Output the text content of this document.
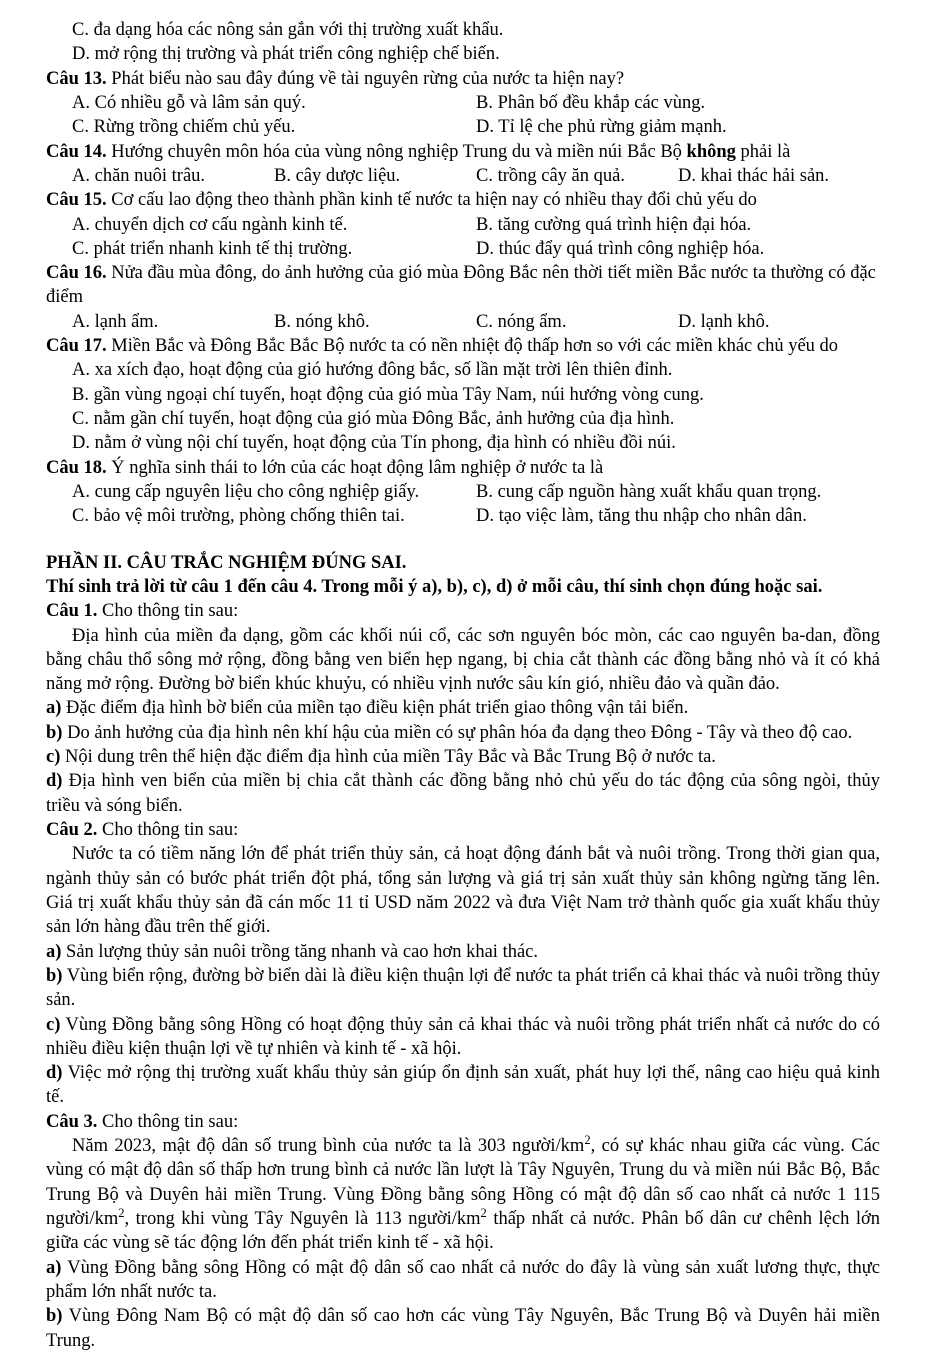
C. đa dạng hóa các nông sản gắn với thị trường xuất khẩu.
D. mở rộng thị trường và phát triển công nghiệp chế biến.
Câu 13. Phát biểu nào sau đây đúng về tài nguyên rừng của nước ta hiện nay?
A. Có nhiều gỗ và lâm sản quý.	B. Phân bố đều khắp các vùng.
C. Rừng trồng chiếm chủ yếu.	D. Tỉ lệ che phủ rừng giảm mạnh.
Câu 14. Hướng chuyên môn hóa của vùng nông nghiệp Trung du và miền núi Bắc Bộ không phải là
A. chăn nuôi trâu.	B. cây dược liệu.	C. trồng cây ăn quả.	D. khai thác hải sản.
Câu 15. Cơ cấu lao động theo thành phần kinh tế nước ta hiện nay có nhiều thay đổi chủ yếu do
A. chuyển dịch cơ cấu ngành kinh tế.	B. tăng cường quá trình hiện đại hóa.
C. phát triển nhanh kinh tế thị trường.	D. thúc đẩy quá trình công nghiệp hóa.
Câu 16. Nửa đầu mùa đông, do ảnh hưởng của gió mùa Đông Bắc nên thời tiết miền Bắc nước ta thường có đặc điểm
A. lạnh ẩm.	B. nóng khô.	C. nóng ẩm.	D. lạnh khô.
Câu 17. Miền Bắc và Đông Bắc Bắc Bộ nước ta có nền nhiệt độ thấp hơn so với các miền khác chủ yếu do
A. xa xích đạo, hoạt động của gió hướng đông bắc, số lần mặt trời lên thiên đỉnh.
B. gần vùng ngoại chí tuyến, hoạt động của gió mùa Tây Nam, núi hướng vòng cung.
C. nằm gần chí tuyến, hoạt động của gió mùa Đông Bắc, ảnh hưởng của địa hình.
D. nằm ở vùng nội chí tuyến, hoạt động của Tín phong, địa hình có nhiều đồi núi.
Câu 18. Ý nghĩa sinh thái to lớn của các hoạt động lâm nghiệp ở nước ta là
A. cung cấp nguyên liệu cho công nghiệp giấy.	B. cung cấp nguồn hàng xuất khẩu quan trọng.
C. bảo vệ môi trường, phòng chống thiên tai.	D. tạo việc làm, tăng thu nhập cho nhân dân.
PHẦN II. CÂU TRẮC NGHIỆM ĐÚNG SAI.
Thí sinh trả lời từ câu 1 đến câu 4. Trong mỗi ý a), b), c), d) ở mỗi câu, thí sinh chọn đúng hoặc sai.
Câu 1. Cho thông tin sau:
Địa hình của miền đa dạng, gồm các khối núi cổ, các sơn nguyên bóc mòn, các cao nguyên ba-dan, đồng bằng châu thổ sông mở rộng, đồng bằng ven biển hẹp ngang, bị chia cắt thành các đồng bằng nhỏ và ít có khả năng mở rộng. Đường bờ biển khúc khuỷu, có nhiều vịnh nước sâu kín gió, nhiều đảo và quần đảo.
a) Đặc điểm địa hình bờ biển của miền tạo điều kiện phát triển giao thông vận tải biển.
b) Do ảnh hưởng của địa hình nên khí hậu của miền có sự phân hóa đa dạng theo Đông - Tây và theo độ cao.
c) Nội dung trên thể hiện đặc điểm địa hình của miền Tây Bắc và Bắc Trung Bộ ở nước ta.
d) Địa hình ven biển của miền bị chia cắt thành các đồng bằng nhỏ chủ yếu do tác động của sông ngòi, thủy triều và sóng biển.
Câu 2. Cho thông tin sau:
Nước ta có tiềm năng lớn để phát triển thủy sản, cả hoạt động đánh bắt và nuôi trồng. Trong thời gian qua, ngành thủy sản có bước phát triển đột phá, tổng sản lượng và giá trị sản xuất thủy sản không ngừng tăng lên. Giá trị xuất khẩu thủy sản đã cán mốc 11 tỉ USD năm 2022 và đưa Việt Nam trở thành quốc gia xuất khẩu thủy sản lớn hàng đầu trên thế giới.
a) Sản lượng thủy sản nuôi trồng tăng nhanh và cao hơn khai thác.
b) Vùng biển rộng, đường bờ biển dài là điều kiện thuận lợi để nước ta phát triển cả khai thác và nuôi trồng thủy sản.
c) Vùng Đồng bằng sông Hồng có hoạt động thủy sản cả khai thác và nuôi trồng phát triển nhất cả nước do có nhiều điều kiện thuận lợi về tự nhiên và kinh tế - xã hội.
d) Việc mở rộng thị trường xuất khẩu thủy sản giúp ổn định sản xuất, phát huy lợi thế, nâng cao hiệu quả kinh tế.
Câu 3. Cho thông tin sau:
Năm 2023, mật độ dân số trung bình của nước ta là 303 người/$km^2$, có sự khác nhau giữa các vùng. Các vùng có mật độ dân số thấp hơn trung bình cả nước lần lượt là Tây Nguyên, Trung du và miền núi Bắc Bộ, Bắc Trung Bộ và Duyên hải miền Trung. Vùng Đồng bằng sông Hồng có mật độ dân số cao nhất cả nước 1 115 người/$km^2$, trong khi vùng Tây Nguyên là 113 người/$km^2$ thấp nhất cả nước. Phân bố dân cư chênh lệch lớn giữa các vùng sẽ tác động lớn đến phát triển kinh tế - xã hội.
a) Vùng Đồng bằng sông Hồng có mật độ dân số cao nhất cả nước do đây là vùng sản xuất lương thực, thực phẩm lớn nhất nước ta.
b) Vùng Đông Nam Bộ có mật độ dân số cao hơn các vùng Tây Nguyên, Bắc Trung Bộ và Duyên hải miền Trung.
